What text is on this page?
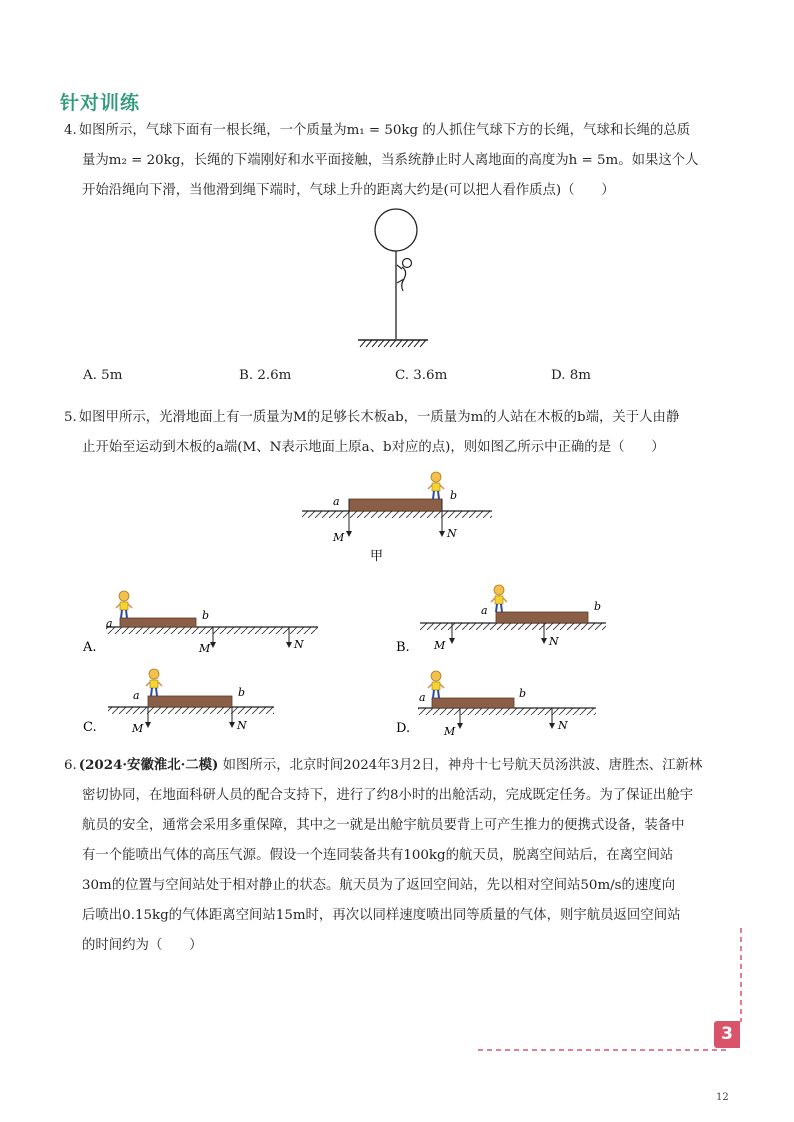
针对训练
4. 如图所示，气球下面有一根长绳，一个质量为m₁ = 50kg 的人抓住气球下方的长绳，气球和长绳的总质
量为m₂ = 20kg，长绳的下端刚好和水平面接触，当系统静止时人离地面的高度为h = 5m。如果这个人
开始沿绳向下滑，当他滑到绳下端时，气球上升的距离大约是(可以把人看作质点)（　　）
A. 5m	B. 2.6m	C. 3.6m	D. 8m
5. 如图甲所示，光滑地面上有一质量为M的足够长木板ab，一质量为m的人站在木板的b端，关于人由静
止开始至运动到木板的a端(M、N表示地面上原a、b对应的点)，则如图乙所示中正确的是（　　）
a	b
M	N
甲
a
b
M	N
A.
a	b
M	N
B.
a	b
M	N
C.
a	b
M	N
D.
6. (2024·安徽淮北·二模) 如图所示，北京时间2024年3月2日，神舟十七号航天员汤洪波、唐胜杰、江新林
密切协同，在地面科研人员的配合支持下，进行了约8小时的出舱活动，完成既定任务。为了保证出舱宇
航员的安全，通常会采用多重保障，其中之一就是出舱宇航员要背上可产生推力的便携式设备，装备中
有一个能喷出气体的高压气源。假设一个连同装备共有100kg的航天员，脱离空间站后，在离空间站
30m的位置与空间站处于相对静止的状态。航天员为了返回空间站，先以相对空间站50m/s的速度向
后喷出0.15kg的气体距离空间站15m时，再次以同样速度喷出同等质量的气体，则宇航员返回空间站
的时间约为（　　）
3
12
